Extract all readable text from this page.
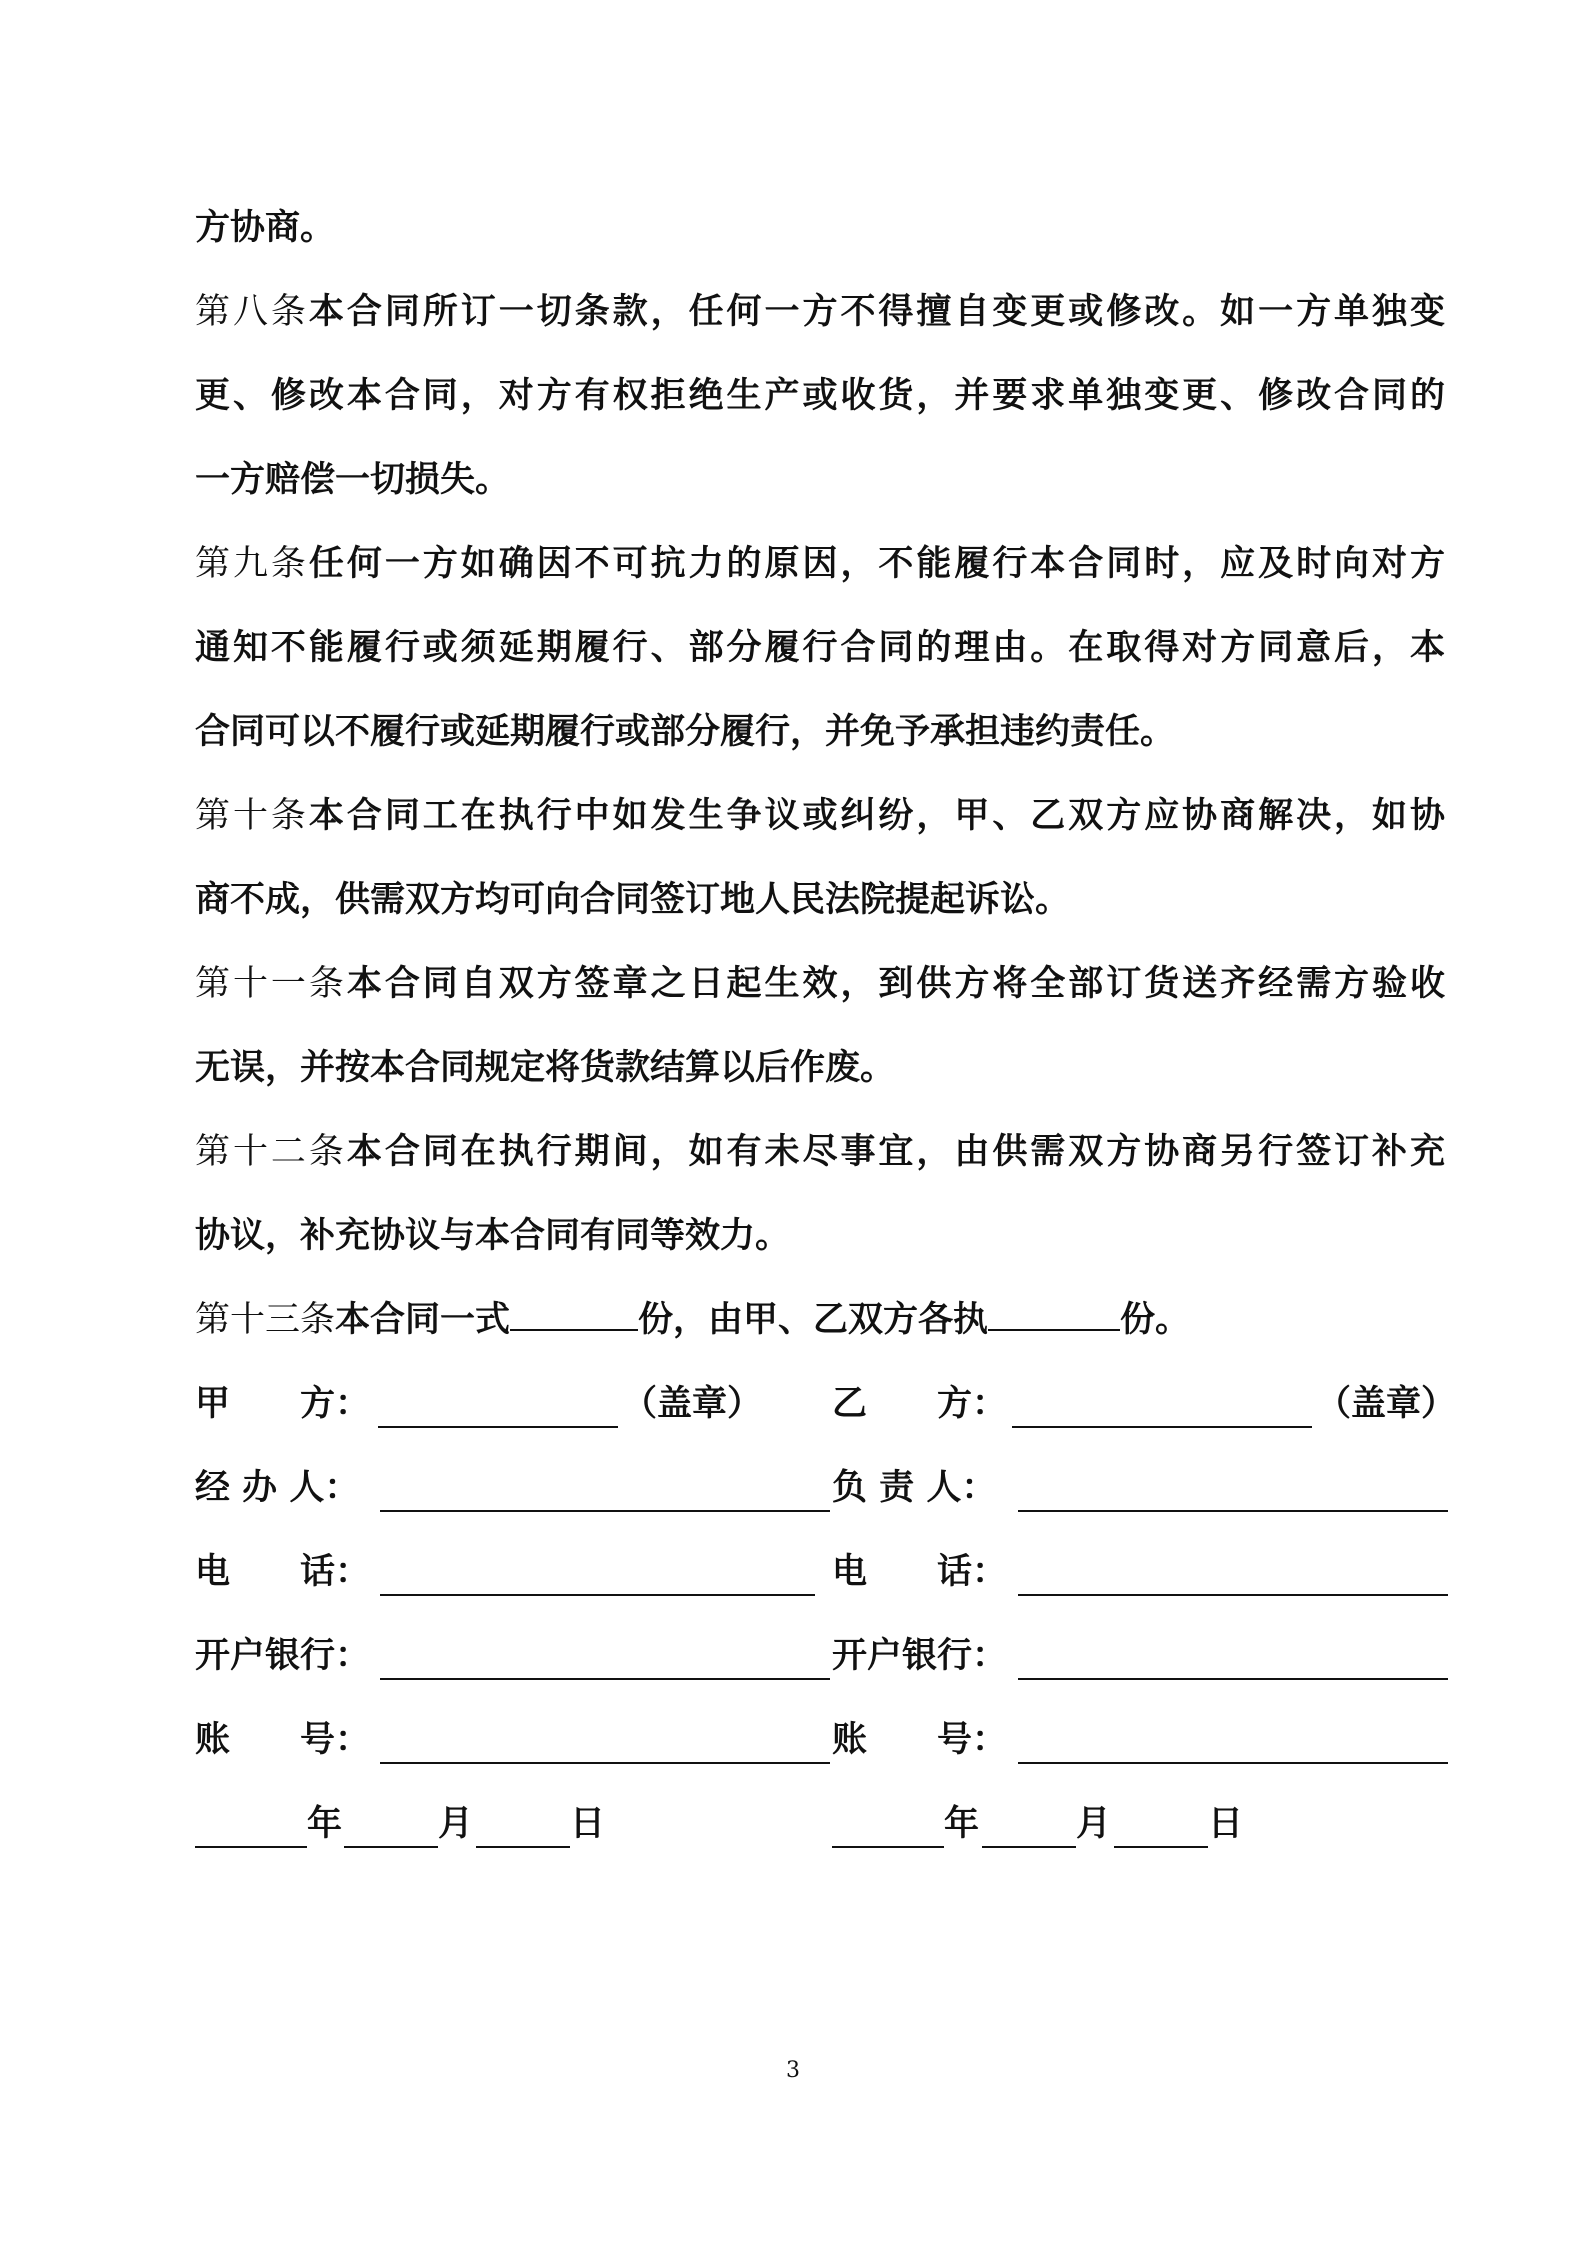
方协商。
第八条本合同所订一切条款，任何一方不得擅自变更或修改。如一方单独变
更、修改本合同，对方有权拒绝生产或收货，并要求单独变更、修改合同的
一方赔偿一切损失。
第九条任何一方如确因不可抗力的原因，不能履行本合同时，应及时向对方
通知不能履行或须延期履行、部分履行合同的理由。在取得对方同意后，本
合同可以不履行或延期履行或部分履行，并免予承担违约责任。
第十条本合同工在执行中如发生争议或纠纷，甲、乙双方应协商解决，如协
商不成，供需双方均可向合同签订地人民法院提起诉讼。
第十一条本合同自双方签章之日起生效，到供方将全部订货送齐经需方验收
无误，并按本合同规定将货款结算以后作废。
第十二条本合同在执行期间，如有未尽事宜，由供需双方协商另行签订补充
协议，补充协议与本合同有同等效力。
第十三条本合同一式	份，由甲、乙双方各执	份。
甲　　方：	（盖章） 乙　　方：	（盖章）
经 办 人：	负 责 人：
电　　话：	电　　话：
开户银行：	开户银行：
账　　号：	账　　号：
年	月	日	年	月	日
3
